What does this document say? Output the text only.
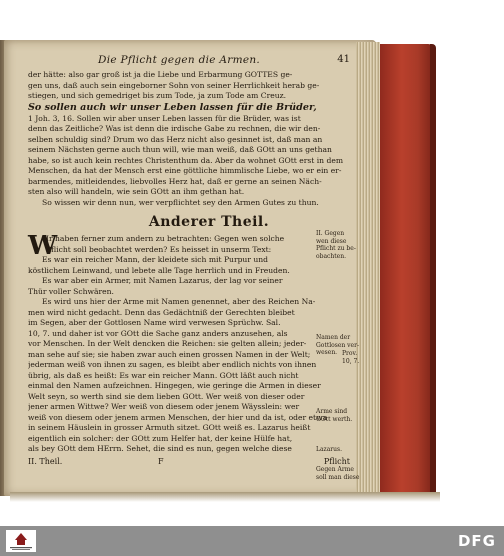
Die Pflicht gegen die Armen.	41
der hätte: also gar groß ist ja die Liebe und Erbarmung GOTTES ge-
gen uns, daß auch sein eingeborner Sohn von seiner Herrlichkeit herab ge-
stiegen, und sich gemedriget bis zum Tode, ja zum Tode am Creuz.
So sollen auch wir unser Leben lassen für die Brüder,
1 Joh. 3, 16. Sollen wir aber unser Leben lassen für die Brüder, was ist
denn das Zeitliche? Was ist denn die irdische Gabe zu rechnen, die wir den-
selben schuldig sind? Drum wo das Herz nicht also gesinnet ist, daß man an
seinem Nächsten gerne auch thun will, wie man weiß, daß GOtt an uns gethan
habe, so ist auch kein rechtes Christenthum da. Aber da wohnet GOtt erst in dem
Menschen, da hat der Mensch erst eine göttliche himmlische Liebe, wo er ein er-
barmendes, mitleidendes, liebvolles Herz hat, daß er gerne an seinen Näch-
sten also will handeln, wie sein GOtt an ihm gethan hat.
So wissen wir denn nun, wer verpflichtet sey den Armen Gutes zu thun.
Anderer Theil.
W
Ir haben ferner zum andern zu betrachten: Gegen wen solche
Pflicht soll beobachtet werden? Es heisset in unserm Text:
Es war ein reicher Mann, der kleidete sich mit Purpur und
köstlichem Leinwand, und lebete alle Tage herrlich und in Freuden.
Es war aber ein Armer, mit Namen Lazarus, der lag vor seiner
Thür voller Schwären.
Es wird uns hier der Arme mit Namen genennet, aber des Reichen Na-
men wird nicht gedacht. Denn das Gedächtniß der Gerechten bleibet
im Segen, aber der Gottlosen Name wird verwesen Sprüchw. Sal.
10, 7. und daher ist vor GOtt die Sache ganz anders anzusehen, als
vor Menschen. In der Welt dencken die Reichen: sie gelten allein; jeder-
man sehe auf sie; sie haben zwar auch einen grossen Namen in der Welt;
jederman weiß von ihnen zu sagen, es bleibt aber endlich nichts von ihnen
übrig, als daß es heißt: Es war ein reicher Mann. GOtt läßt auch nicht
einmal den Namen aufzeichnen. Hingegen, wie geringe die Armen in dieser
Welt seyn, so werth sind sie dem lieben GOtt. Wer weiß von dieser oder
jener armen Wittwe? Wer weiß von diesem oder jenem Wäysslein: wer
weiß von diesem oder jenem armen Menschen, der hier und da ist, oder etwa
in seinem Häuslein in grosser Armuth sitzet. GOtt weiß es. Lazarus heißt
eigentlich ein solcher: der GOtt zum Helfer hat, der keine Hülfe hat,
als bey GOtt dem HErrn. Sehet, die sind es nun, gegen welche diese
II. Theil.	F	Pflicht
II. Gegen
wen diese
Pflicht zu be-
obachten.
Prov.
10, 7.
Namen der
Gottlosen ver-
wesen.
Arme sind
GOtt werth.
Lazarus.
Gegen Arme
soll man diese
DFG
